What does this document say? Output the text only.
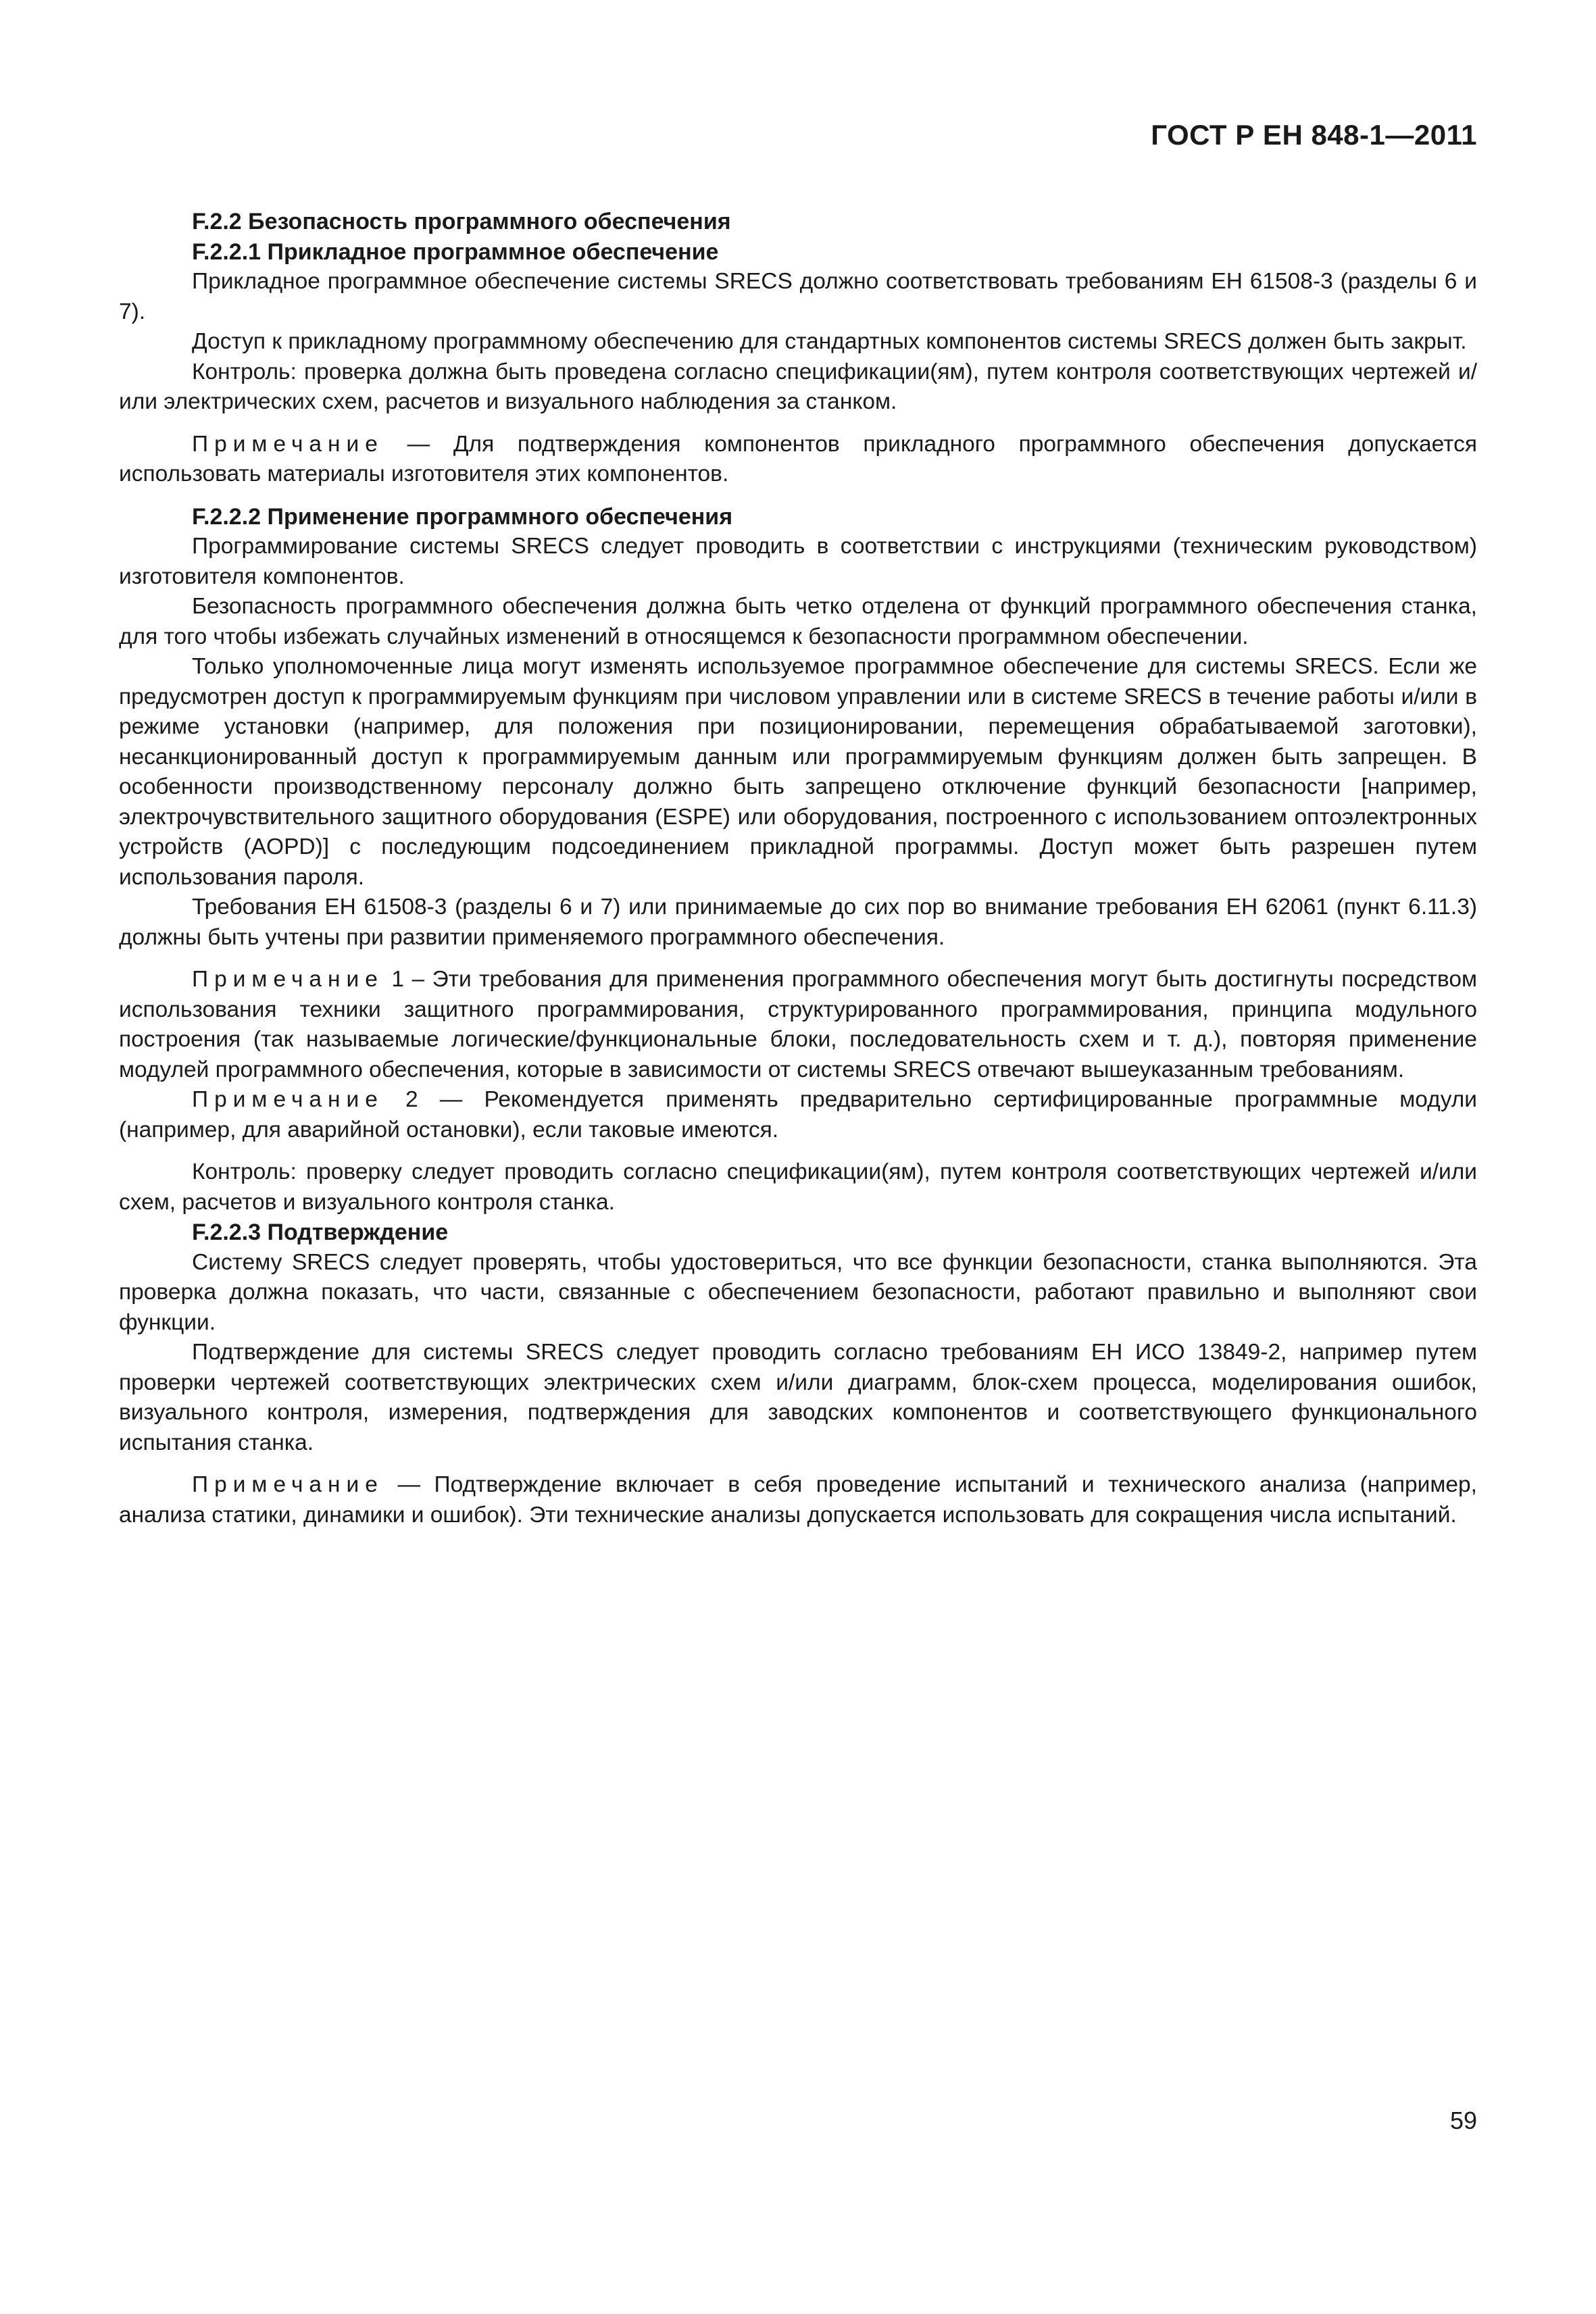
ГОСТ Р ЕН 848-1—2011
F.2.2 Безопасность программного обеспечения
F.2.2.1 Прикладное программное обеспечение

Прикладное программное обеспечение системы SRECS должно соответствовать требованиям ЕН 61508-3 (разделы 6 и 7).

Доступ к прикладному программному обеспечению для стандартных компонентов системы SRECS должен быть закрыт.

Контроль: проверка должна быть проведена согласно спецификации(ям), путем контроля соответствующих чертежей и/или электрических схем, расчетов и визуального наблюдения за станком.

Примечание — Для подтверждения компонентов прикладного программного обеспечения допускается использовать материалы изготовителя этих компонентов.

F.2.2.2 Применение программного обеспечения

Программирование системы SRECS следует проводить в соответствии с инструкциями (техническим руководством) изготовителя компонентов.

Безопасность программного обеспечения должна быть четко отделена от функций программного обеспечения станка, для того чтобы избежать случайных изменений в относящемся к безопасности программном обеспечении.

Только уполномоченные лица могут изменять используемое программное обеспечение для системы SRECS. Если же предусмотрен доступ к программируемым функциям при числовом управлении или в системе SRECS в течение работы и/или в режиме установки (например, для положения при позиционировании, перемещения обрабатываемой заготовки), несанкционированный доступ к программируемым данным или программируемым функциям должен быть запрещен. В особенности производственному персоналу должно быть запрещено отключение функций безопасности [например, электрочувствительного защитного оборудования (ESPE) или оборудования, построенного с использованием оптоэлектронных устройств (AOPD)] с последующим подсоединением прикладной программы. Доступ может быть разрешен путем использования пароля.

Требования ЕН 61508-3 (разделы 6 и 7) или принимаемые до сих пор во внимание требования ЕН 62061 (пункт 6.11.3) должны быть учтены при развитии применяемого программного обеспечения.

Примечание 1 – Эти требования для применения программного обеспечения могут быть достигнуты посредством использования техники защитного программирования, структурированного программирования, принципа модульного построения (так называемые логические/функциональные блоки, последовательность схем и т. д.), повторяя применение модулей программного обеспечения, которые в зависимости от системы SRECS отвечают вышеуказанным требованиям.

Примечание 2 — Рекомендуется применять предварительно сертифицированные программные модули (например, для аварийной остановки), если таковые имеются.

Контроль: проверку следует проводить согласно спецификации(ям), путем контроля соответствующих чертежей и/или схем, расчетов и визуального контроля станка.

F.2.2.3 Подтверждение

Систему SRECS следует проверять, чтобы удостовериться, что все функции безопасности, станка выполняются. Эта проверка должна показать, что части, связанные с обеспечением безопасности, работают правильно и выполняют свои функции.

Подтверждение для системы SRECS следует проводить согласно требованиям ЕН ИСО 13849-2, например путем проверки чертежей соответствующих электрических схем и/или диаграмм, блок-схем процесса, моделирования ошибок, визуального контроля, измерения, подтверждения для заводских компонентов и соответствующего функционального испытания станка.

Примечание — Подтверждение включает в себя проведение испытаний и технического анализа (например, анализа статики, динамики и ошибок). Эти технические анализы допускается использовать для сокращения числа испытаний.

59
